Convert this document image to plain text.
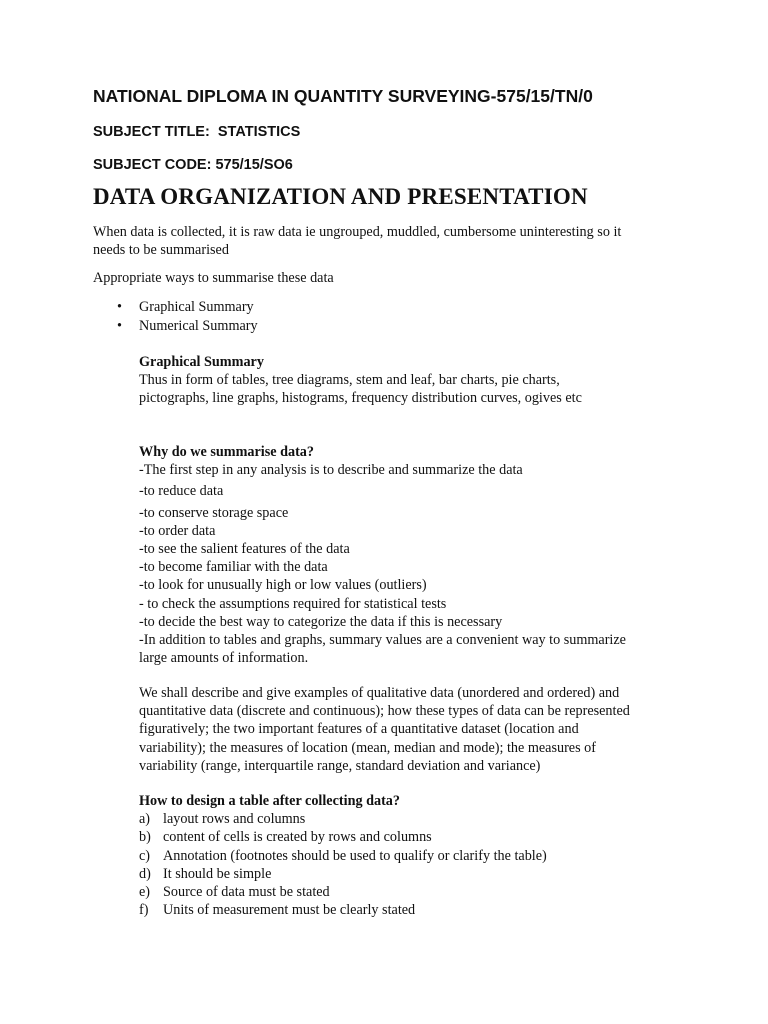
NATIONAL DIPLOMA IN QUANTITY SURVEYING-575/15/TN/0
SUBJECT TITLE:  STATISTICS
SUBJECT CODE: 575/15/SO6
DATA ORGANIZATION AND PRESENTATION

When data is collected, it is raw data ie ungrouped, muddled, cumbersome uninteresting so it
needs to be summarised

Appropriate ways to summarise these data

• Graphical Summary
• Numerical Summary
Graphical Summary
Thus in form of tables, tree diagrams, stem and leaf, bar charts, pie charts,
pictographs, line graphs, histograms, frequency distribution curves, ogives etc
Why do we summarise data?
-The first step in any analysis is to describe and summarize the data
-to reduce data
-to conserve storage space
-to order data
-to see the salient features of the data
-to become familiar with the data
-to look for unusually high or low values (outliers)
- to check the assumptions required for statistical tests
-to decide the best way to categorize the data if this is necessary
-In addition to tables and graphs, summary values are a convenient way to summarize
large amounts of information.
We shall describe and give examples of qualitative data (unordered and ordered) and
quantitative data (discrete and continuous); how these types of data can be represented
figuratively; the two important features of a quantitative dataset (location and
variability); the measures of location (mean, median and mode); the measures of
variability (range, interquartile range, standard deviation and variance)
How to design a table after collecting data?
a) layout rows and columns
b) content of cells is created by rows and columns
c) Annotation (footnotes should be used to qualify or clarify the table)
d) It should be simple
e) Source of data must be stated
f) Units of measurement must be clearly stated
